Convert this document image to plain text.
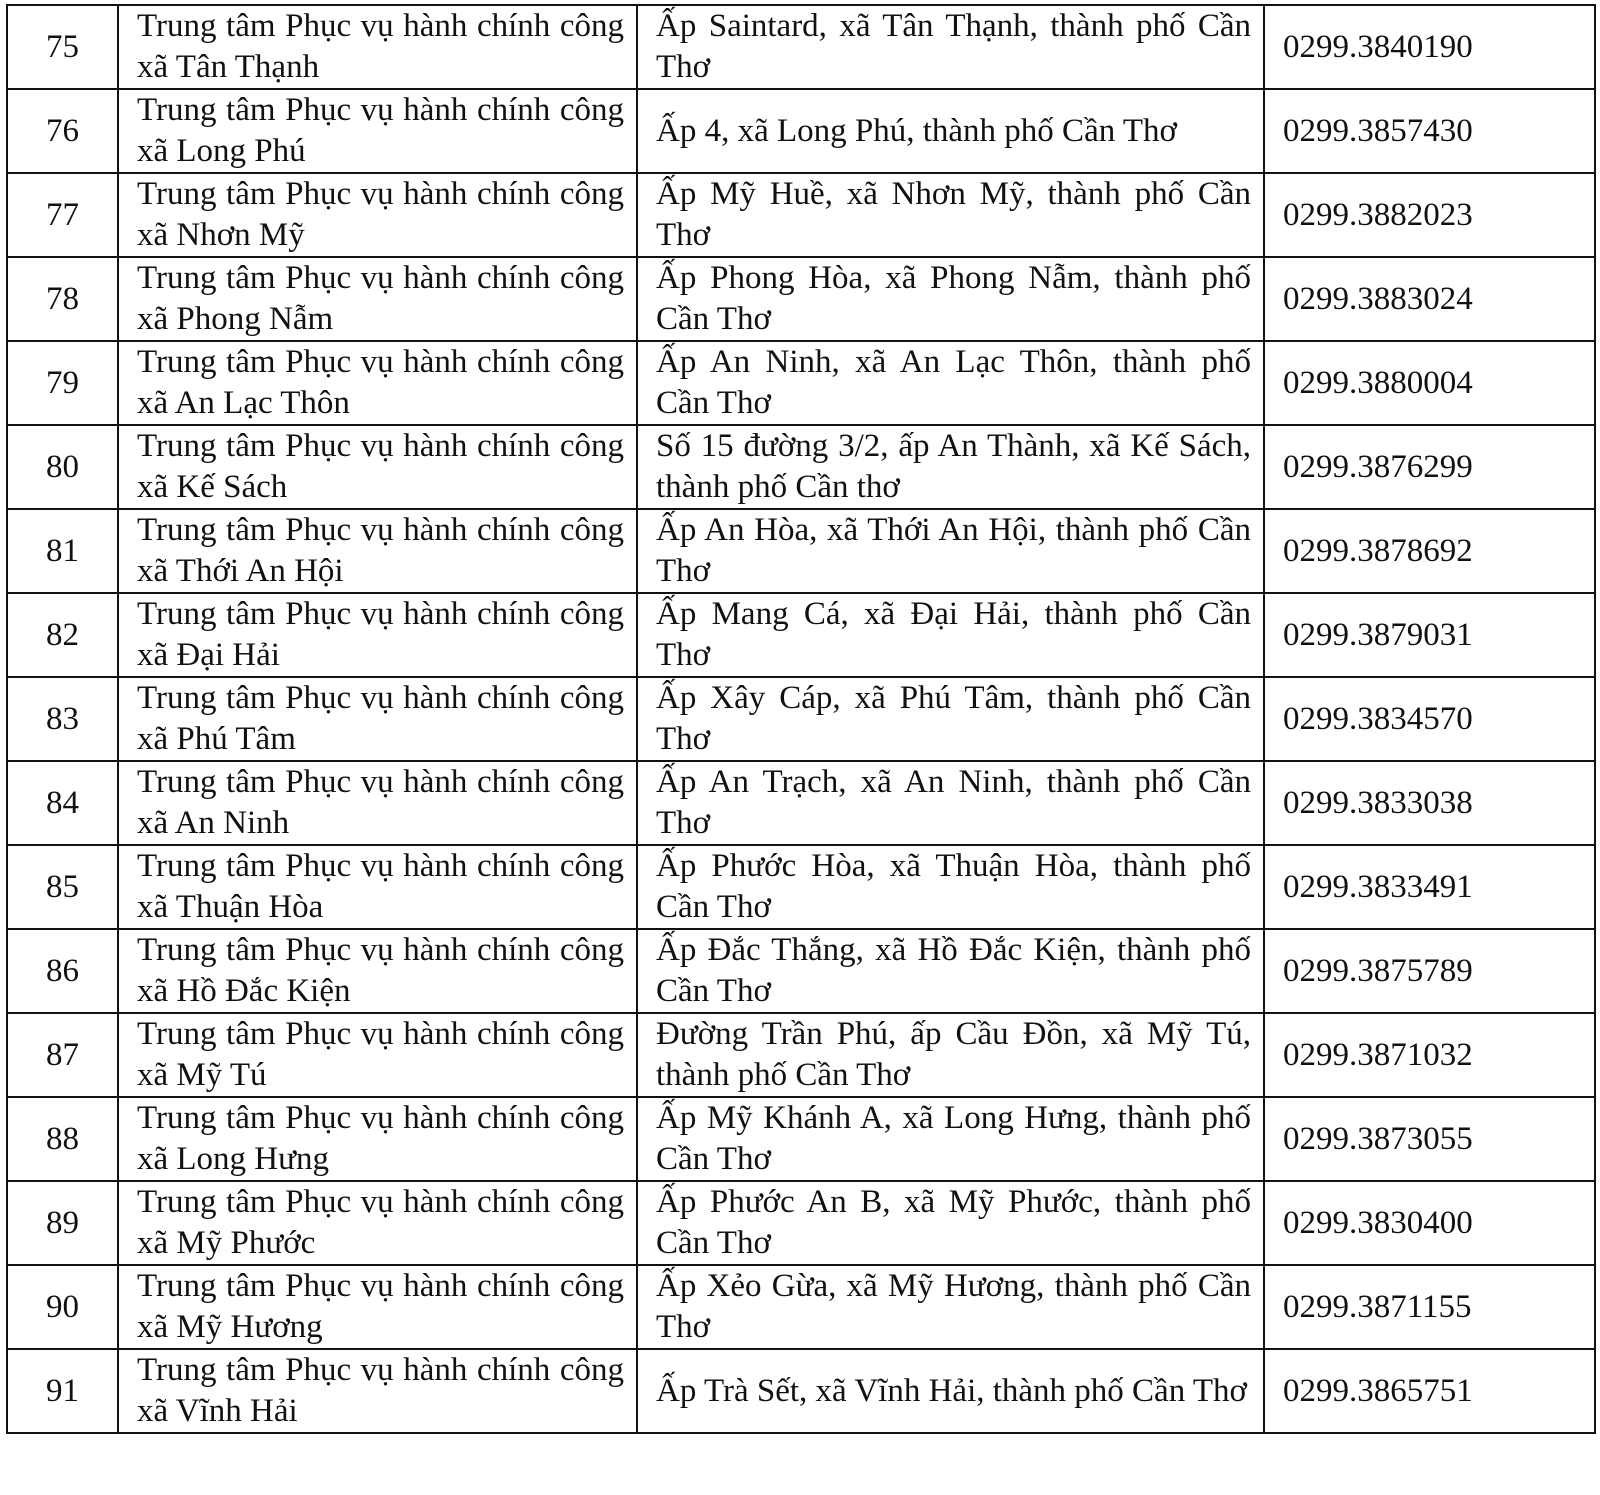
75	Trung tâm Phục vụ hành chính công xã Tân Thạnh	Ấp Saintard, xã Tân Thạnh, thành phố Cần Thơ	0299.3840190
76	Trung tâm Phục vụ hành chính công xã Long Phú	Ấp 4, xã Long Phú, thành phố Cần Thơ	0299.3857430
77	Trung tâm Phục vụ hành chính công xã Nhơn Mỹ	Ấp Mỹ Huề, xã Nhơn Mỹ, thành phố Cần Thơ	0299.3882023
78	Trung tâm Phục vụ hành chính công xã Phong Nẫm	Ấp Phong Hòa, xã Phong Nẫm, thành phố Cần Thơ	0299.3883024
79	Trung tâm Phục vụ hành chính công xã An Lạc Thôn	Ấp An Ninh, xã An Lạc Thôn, thành phố Cần Thơ	0299.3880004
80	Trung tâm Phục vụ hành chính công xã Kế Sách	Số 15 đường 3/2, ấp An Thành, xã Kế Sách, thành phố Cần thơ	0299.3876299
81	Trung tâm Phục vụ hành chính công xã Thới An Hội	Ấp An Hòa, xã Thới An Hội, thành phố Cần Thơ	0299.3878692
82	Trung tâm Phục vụ hành chính công xã Đại Hải	Ấp Mang Cá, xã Đại Hải, thành phố Cần Thơ	0299.3879031
83	Trung tâm Phục vụ hành chính công xã Phú Tâm	Ấp Xây Cáp, xã Phú Tâm, thành phố Cần Thơ	0299.3834570
84	Trung tâm Phục vụ hành chính công xã An Ninh	Ấp An Trạch, xã An Ninh, thành phố Cần Thơ	0299.3833038
85	Trung tâm Phục vụ hành chính công xã Thuận Hòa	Ấp Phước Hòa, xã Thuận Hòa, thành phố Cần Thơ	0299.3833491
86	Trung tâm Phục vụ hành chính công xã Hồ Đắc Kiện	Ấp Đắc Thắng, xã Hồ Đắc Kiện, thành phố Cần Thơ	0299.3875789
87	Trung tâm Phục vụ hành chính công xã Mỹ Tú	Đường Trần Phú, ấp Cầu Đồn, xã Mỹ Tú, thành phố Cần Thơ	0299.3871032
88	Trung tâm Phục vụ hành chính công xã Long Hưng	Ấp Mỹ Khánh A, xã Long Hưng, thành phố Cần Thơ	0299.3873055
89	Trung tâm Phục vụ hành chính công xã Mỹ Phước	Ấp Phước An B, xã Mỹ Phước, thành phố Cần Thơ	0299.3830400
90	Trung tâm Phục vụ hành chính công xã Mỹ Hương	Ấp Xẻo Gừa, xã Mỹ Hương, thành phố Cần Thơ	0299.3871155
91	Trung tâm Phục vụ hành chính công xã Vĩnh Hải	Ấp Trà Sết, xã Vĩnh Hải, thành phố Cần Thơ	0299.3865751
